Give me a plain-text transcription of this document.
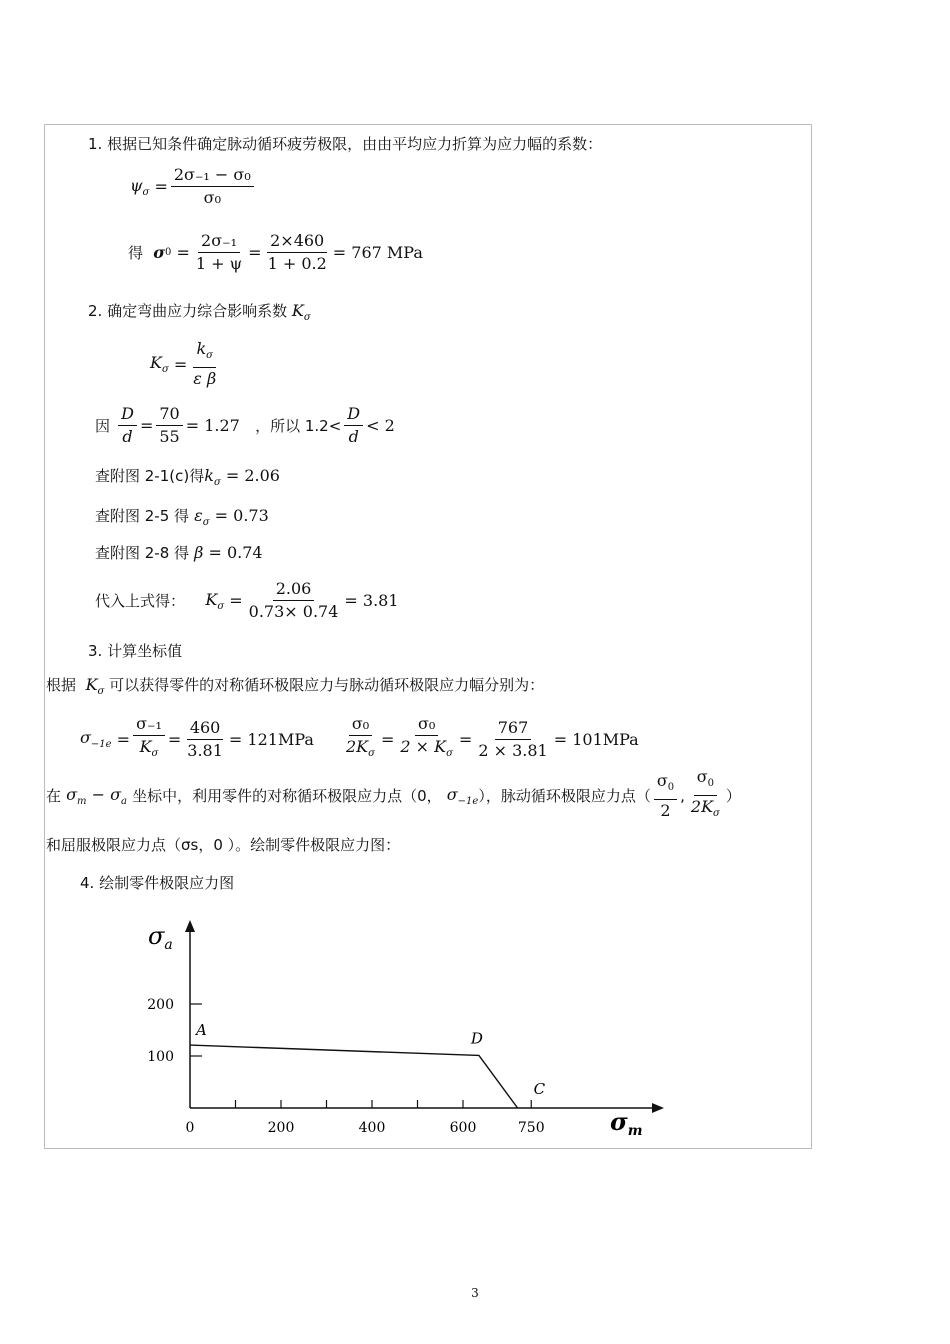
1. 根据已知条件确定脉动循环疲劳极限，由由平均应力折算为应力幅的系数：
$\psi_\sigma = \frac{\text{2σ₋₁ − σ₀}}{\text{σ₀}}$
得
σ $0 = \frac{\text{2σ₋₁}}{1 + \psi} = \frac{2\times 460}{1 + 0.2} = 767$ MPa
2. 确定弯曲应力综合影响系数 $K_\sigma$
$K_\sigma = \frac{k_\sigma}{\text{ε β}}$
因
$\frac{D}{d} = \frac{70}{55} = 1.27$
，所以 $1.2< \frac{D}{d} < 2$
查附图 2-1(c)得$k_\sigma = 2.06$
查附图 2-5 得 $\varepsilon_\sigma = 0.73$
查附图 2-8 得 β = 0.74
代入上式得：
$K_\sigma = \frac{2.06}{0.73\times 0.74} = 3.81$
3. 计算坐标值
根据 $K_\sigma$ 可以获得零件的对称循环极限应力与脉动循环极限应力幅分别为：
$\sigma_{-1e} = \frac{\text{σ₋₁}}{K_\sigma} = \frac{460}{3.81} = 121MPa \frac{\text{σ₀}}{2K_\sigma} = \frac{\text{σ₀}}{2 \times K_\sigma} = \frac{767}{2 \times 3.81} = 101MPa$
在 $\sigma_m - \sigma_a$ 坐标中，利用零件的对称循环极限应力点（0， $\sigma_{-1e}$ ），脉动循环极限应力点（ $\frac{\sigma_0}{2}$ , $\frac{\sigma_0}{2K_\sigma}$ ）
和屈服极限应力点（σs，0 ）。绘制零件极限应力图：
4. 绘制零件极限应力图
$\sigma_a$
$\sigma_m$
0	200	400	600	750
100
200
A	D
C
3
